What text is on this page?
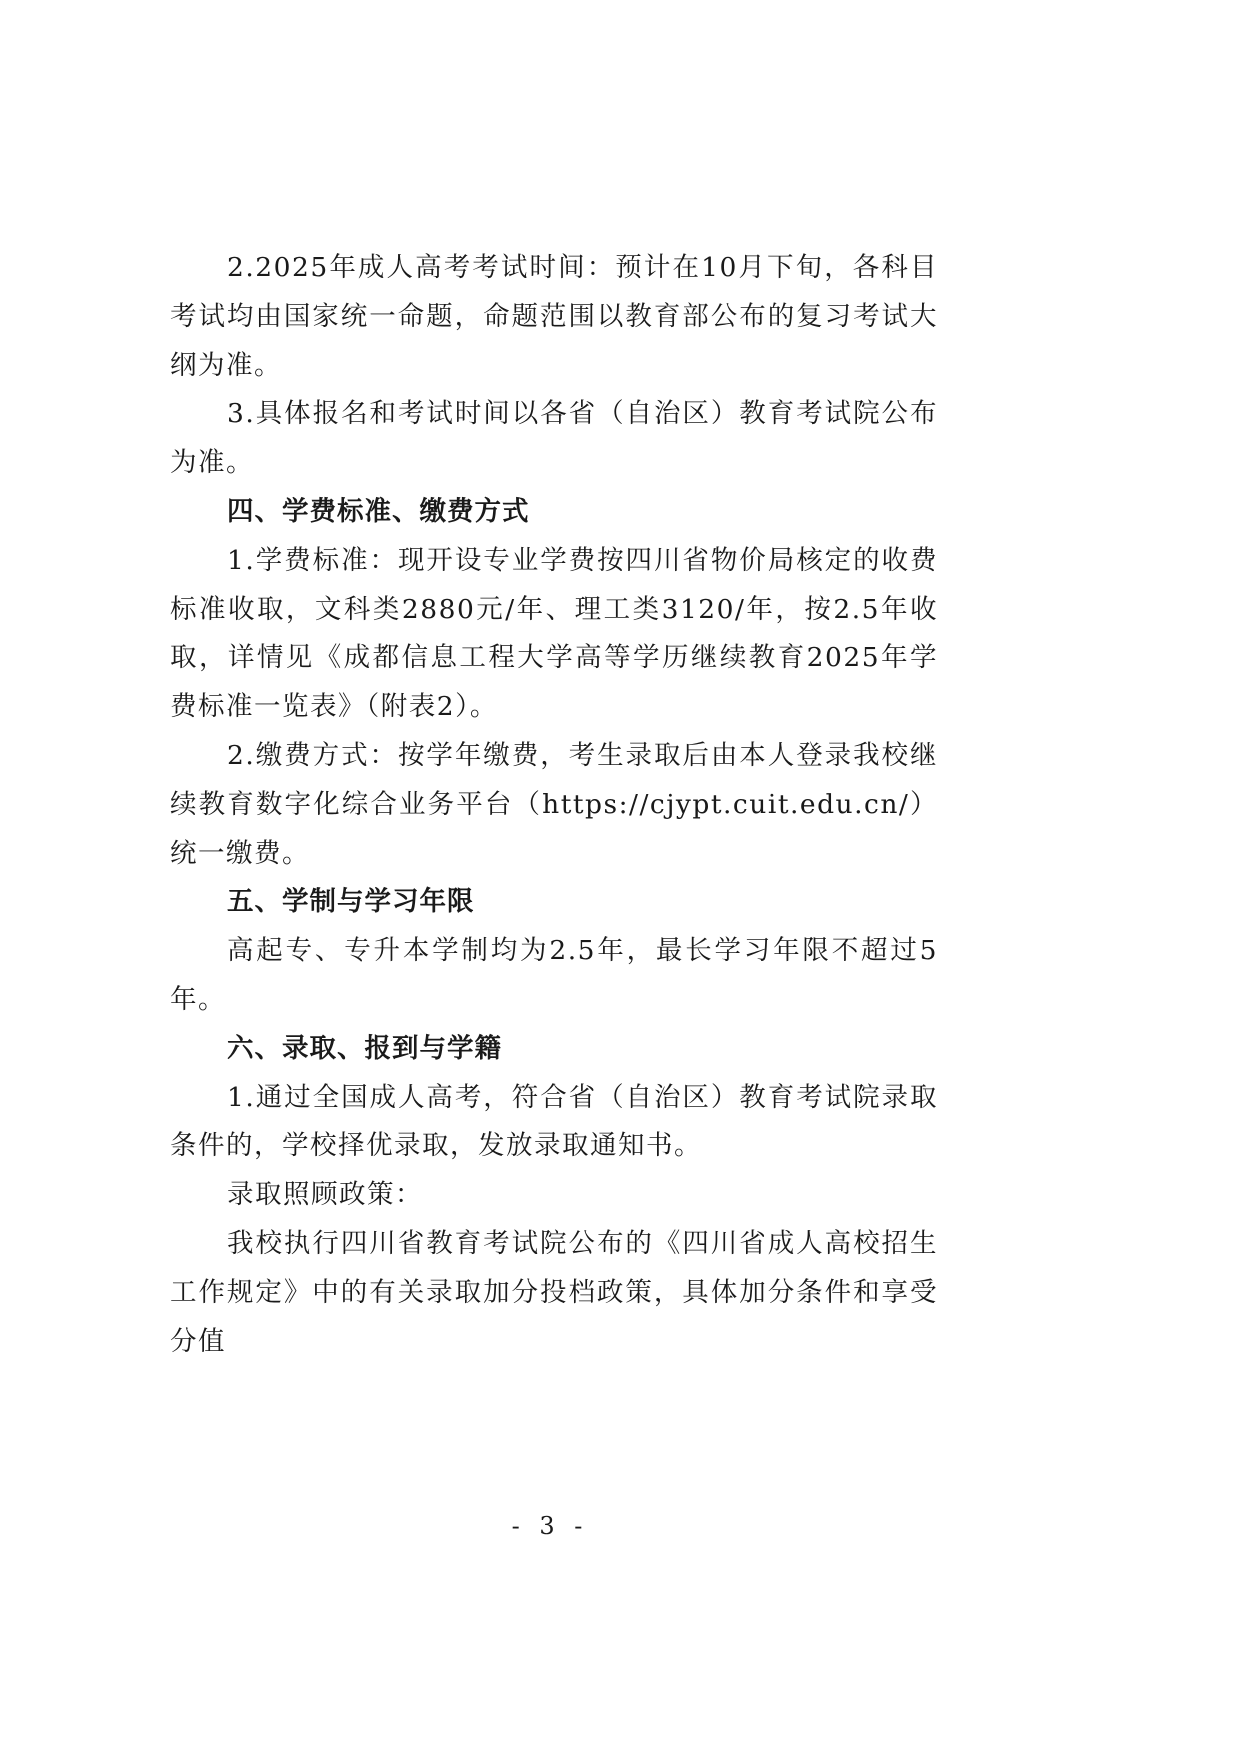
2.2025年成人高考考试时间：预计在10月下旬，各科目考试均由国家统一命题，命题范围以教育部公布的复习考试大纲为准。

3.具体报名和考试时间以各省（自治区）教育考试院公布为准。

四、学费标准、缴费方式

1.学费标准：现开设专业学费按四川省物价局核定的收费标准收取，文科类2880元/年、理工类3120/年，按2.5年收取，详情见《成都信息工程大学高等学历继续教育2025年学费标准一览表》（附表2）。

2.缴费方式：按学年缴费，考生录取后由本人登录我校继续教育数字化综合业务平台（https://cjypt.cuit.edu.cn/）统一缴费。

五、学制与学习年限

高起专、专升本学制均为2.5年，最长学习年限不超过5年。

六、录取、报到与学籍

1.通过全国成人高考，符合省（自治区）教育考试院录取条件的，学校择优录取，发放录取通知书。

录取照顾政策：

我校执行四川省教育考试院公布的《四川省成人高校招生工作规定》中的有关录取加分投档政策，具体加分条件和享受分值

- 3 -
